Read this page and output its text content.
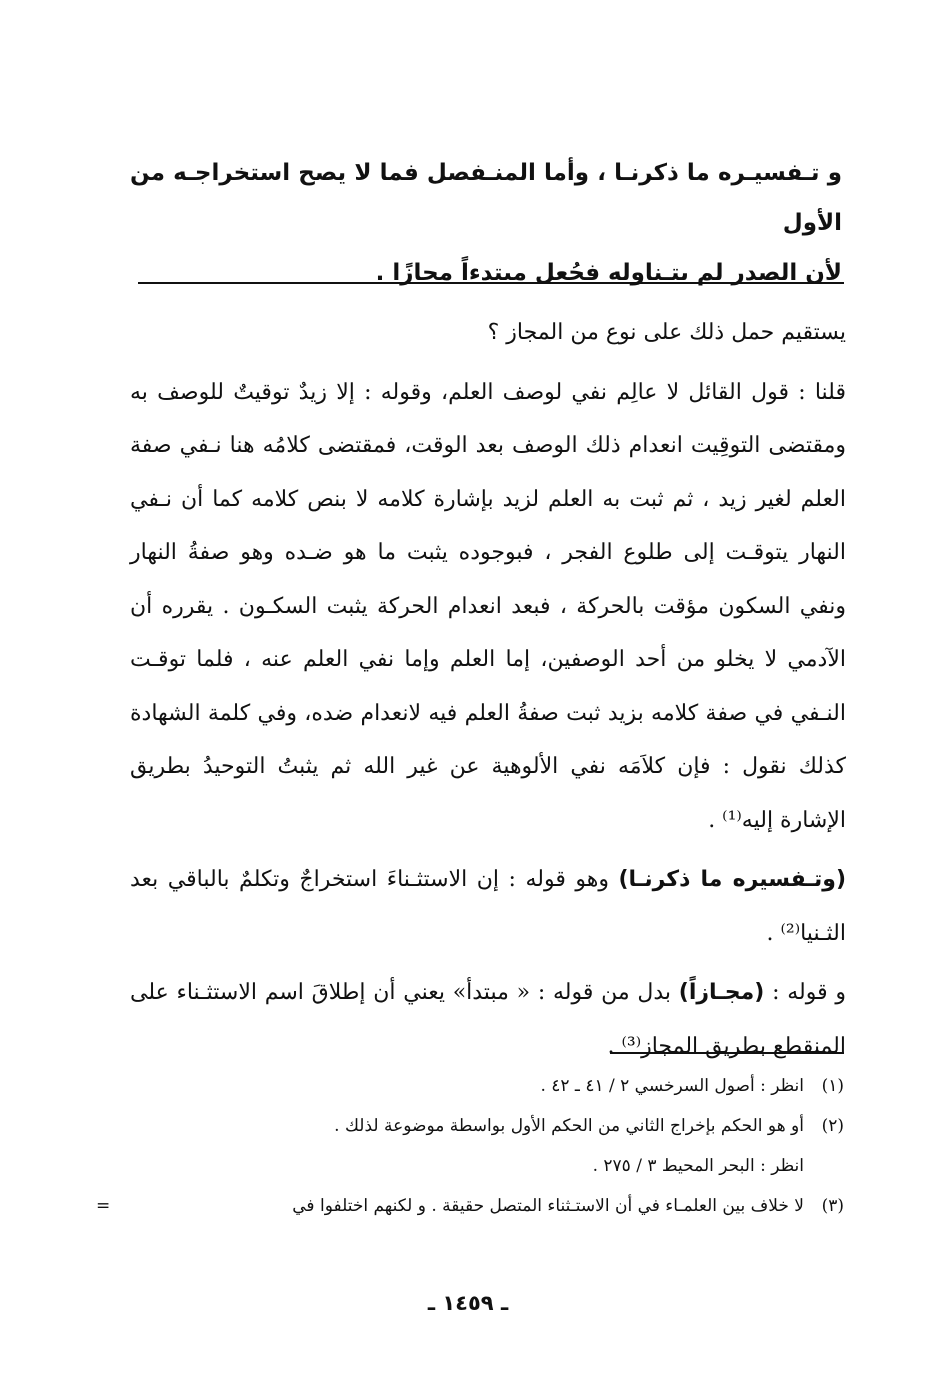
و تـفسيـره ما ذكرنـا ، وأما المنـفصل فما لا يصح استخراجـه من الأول

لأن الصدر لم يتـناوله فجُعل مبتدءاً مجازًا .

يستقيم حمل ذلك على نوع من المجاز ؟

قلنا : قول القائل لا عالِم نفي لوصف العلم، وقوله : إلا زيدٌ توقيتٌ للوصف به ومقتضى التوقِيت انعدام ذلك الوصف بعد الوقت، فمقتضى كلامُه هنا نـفي صفة العلم لغير زيد ، ثم ثبت به العلم لزيد بإشارة كلامه لا بنص كلامه كما أن نـفي النهار يتوقـت إلى طلوع الفجر ، فبوجوده يثبت ما هو ضـده وهو صفةُ النهار ونفي السكون مؤقت بالحركة ، فبعد انعدام الحركة يثبت السكـون . يقرره أن الآدمي لا يخلو من أحد الوصفين، إما العلم وإما نفي العلم عنه ، فلما توقـت النـفي في صفة كلامه بزيد ثبت صفةُ العلم فيه لانعدام ضده، وفي كلمة الشهادة كذلك نقول : فإن كلاَمَه نفي الألوهية عن غير الله ثم يثبتُ التوحيدُ بطريق الإشارة إليه⁽¹⁾ .

(وتـفسيره ما ذكرنـا) وهو قوله : إن الاستثـناءَ استخراجٌ وتكلمٌ بالباقي بعد الثـنيا⁽²⁾ .

و قوله : (مجـازاً) بدل من قوله : « مبتدأ» يعني أن إطلاقَ اسم الاستثـناء على المنقطع بطريق المجاز⁽³⁾ .

(١)
انظر : أصول السرخسي ٢ / ٤١ ـ ٤٢ .
(٢)
أو هو الحكم بإخراج الثاني من الحكم الأول بواسطة موضوعة لذلك .
انظر : البحر المحيط ٣ / ٢٧٥ .
(٣)
لا خلاف بين العلمـاء في أن الاستـثناء المتصل حقيقة . و لكنهم اختلفوا في
=
ـ ١٤٥٩ ـ
